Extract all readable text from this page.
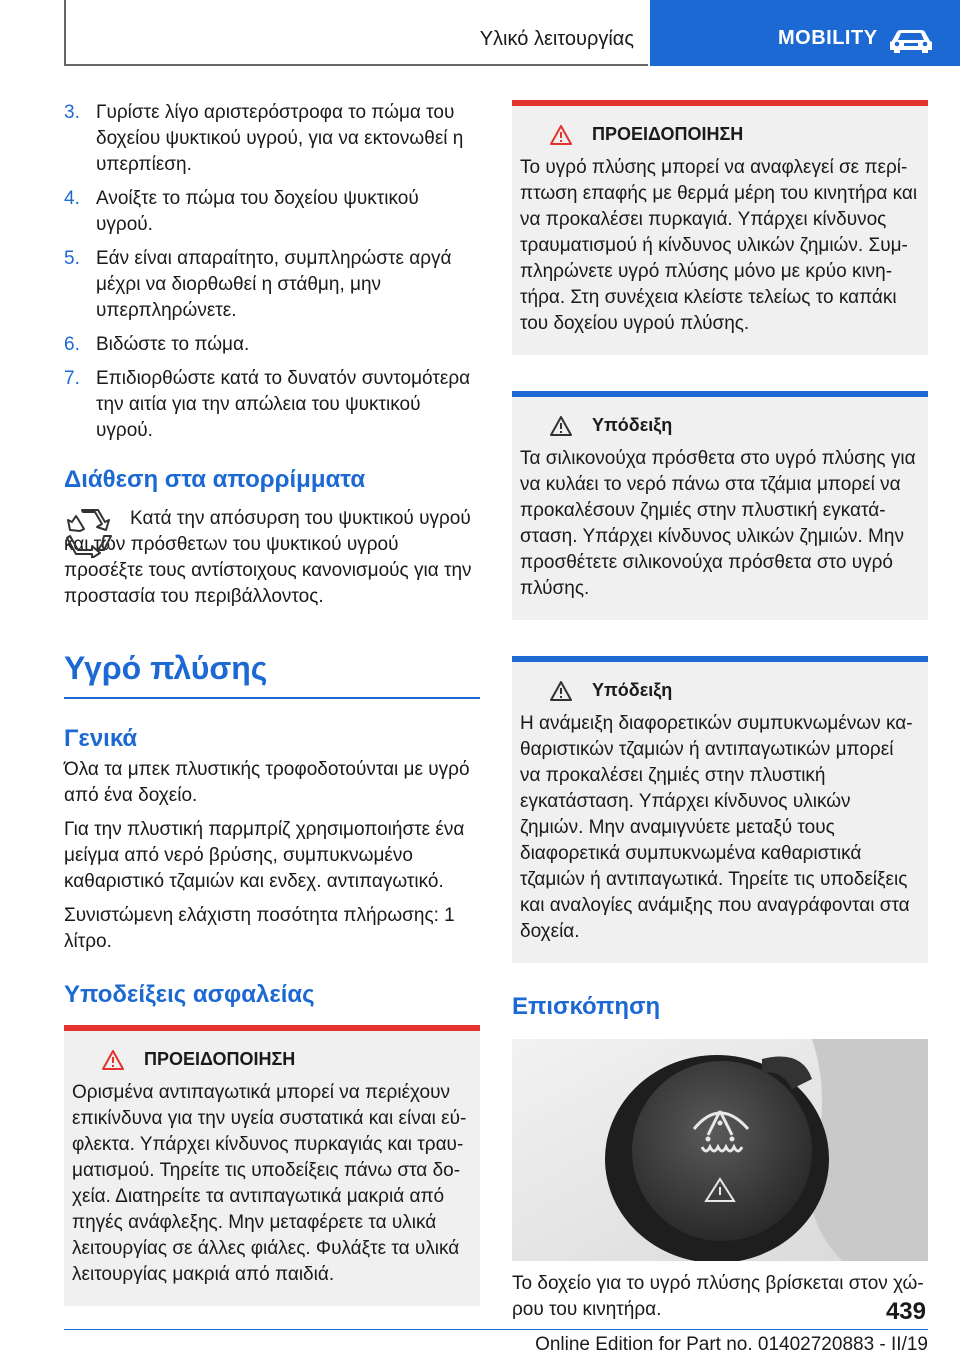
Υλικό λειτουργίας	MOBILITY
3. Γυρίστε λίγο αριστερόστροφα το πώμα του δοχείου ψυκτικού υγρού, για να εκτονωθεί η υπερπίεση.
4. Ανοίξτε το πώμα του δοχείου ψυκτικού υγρού.
5. Εάν είναι απαραίτητο, συμπληρώστε αργά μέχρι να διορθωθεί η στάθμη, μην υπερπληρώνετε.
6. Βιδώστε το πώμα.
7. Επιδιορθώστε κατά το δυνατόν συντομότερα την αιτία για την απώλεια του ψυκτικού υγρού.
Διάθεση στα απορρίμματα

Κατά την απόσυρση του ψυκτικού υγρού και των πρόσθετων του ψυκτικού υγρού προσέξτε τους αντίστοιχους κανονισμούς για την προστασία του περιβάλλοντος.

Υγρό πλύσης
Γενικά

Όλα τα μπεκ πλυστικής τροφοδοτούνται με υγρό από ένα δοχείο.

Για την πλυστική παρμπρίζ χρησιμοποιήστε ένα μείγμα από νερό βρύσης, συμπυκνωμένο καθαριστικό τζαμιών και ενδεχ. αντιπαγωτικό.

Συνιστώμενη ελάχιστη ποσότητα πλήρωσης: 1 λίτρο.

Υποδείξεις ασφαλείας
ΠΡΟΕΙΔΟΠΟΙΗΣΗ
Ορισμένα αντιπαγωτικά μπορεί να περιέχουν επικίνδυνα για την υγεία συστατικά και είναι εύφλεκτα. Υπάρχει κίνδυνος πυρκαγιάς και τραυματισμού. Τηρείτε τις υποδείξεις πάνω στα δοχεία. Διατηρείτε τα αντιπαγωτικά μακριά από πηγές ανάφλεξης. Μην μεταφέρετε τα υλικά λειτουργίας σε άλλες φιάλες. Φυλάξτε τα υλικά λειτουργίας μακριά από παιδιά.
ΠΡΟΕΙΔΟΠΟΙΗΣΗ
Το υγρό πλύσης μπορεί να αναφλεγεί σε περίπτωση επαφής με θερμά μέρη του κινητήρα και να προκαλέσει πυρκαγιά. Υπάρχει κίνδυνος τραυματισμού ή κίνδυνος υλικών ζημιών. Συμπληρώνετε υγρό πλύσης μόνο με κρύο κινητήρα. Στη συνέχεια κλείστε τελείως το καπάκι του δοχείου υγρού πλύσης.
Υπόδειξη
Τα σιλικονούχα πρόσθετα στο υγρό πλύσης για να κυλάει το νερό πάνω στα τζάμια μπορεί να προκαλέσουν ζημιές στην πλυστική εγκατάσταση. Υπάρχει κίνδυνος υλικών ζημιών. Μην προσθέτετε σιλικονούχα πρόσθετα στο υγρό πλύσης.
Υπόδειξη
Η ανάμειξη διαφορετικών συμπυκνωμένων καθαριστικών τζαμιών ή αντιπαγωτικών μπορεί να προκαλέσει ζημιές στην πλυστική εγκατάσταση. Υπάρχει κίνδυνος υλικών ζημιών. Μην αναμιγνύετε μεταξύ τους διαφορετικά συμπυκνωμένα καθαριστικά τζαμιών ή αντιπαγωτικά. Τηρείτε τις υποδείξεις και αναλογίες ανάμιξης που αναγράφονται στα δοχεία.
Επισκόπηση

Το δοχείο για το υγρό πλύσης βρίσκεται στον χώρου του κινητήρα.	439
Online Edition for Part no. 01402720883 - II/19
